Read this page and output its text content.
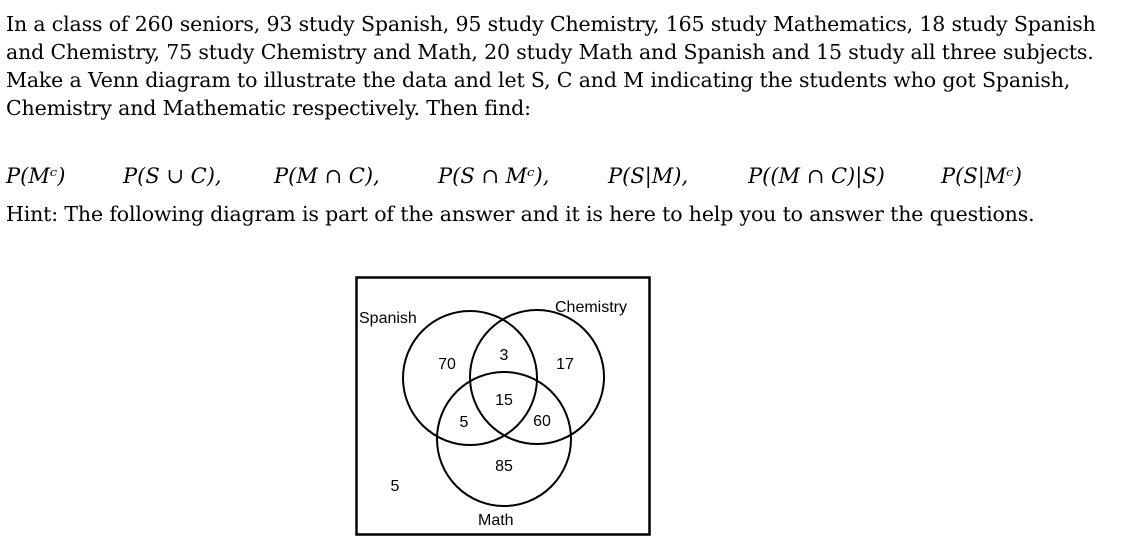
In a class of 260 seniors, 93 study Spanish, 95 study Chemistry, 165 study Mathematics, 18 study Spanish and Chemistry, 75 study Chemistry and Math, 20 study Math and Spanish and 15 study all three subjects. Make a Venn diagram to illustrate the data and let S, C and M indicating the students who got Spanish, Chemistry and Mathematic respectively. Then find:

P(Mᶜ)	P(S ∪ C), P(M ∩ C),	P(S ∩ Mᶜ),	P(S|M),	P((M ∩ C)|S)	P(S|Mᶜ)
Hint: The following diagram is part of the answer and it is here to help you to answer the questions.
Spanish
Chemistry
Math
70
3
17
15
5	60
85
5
